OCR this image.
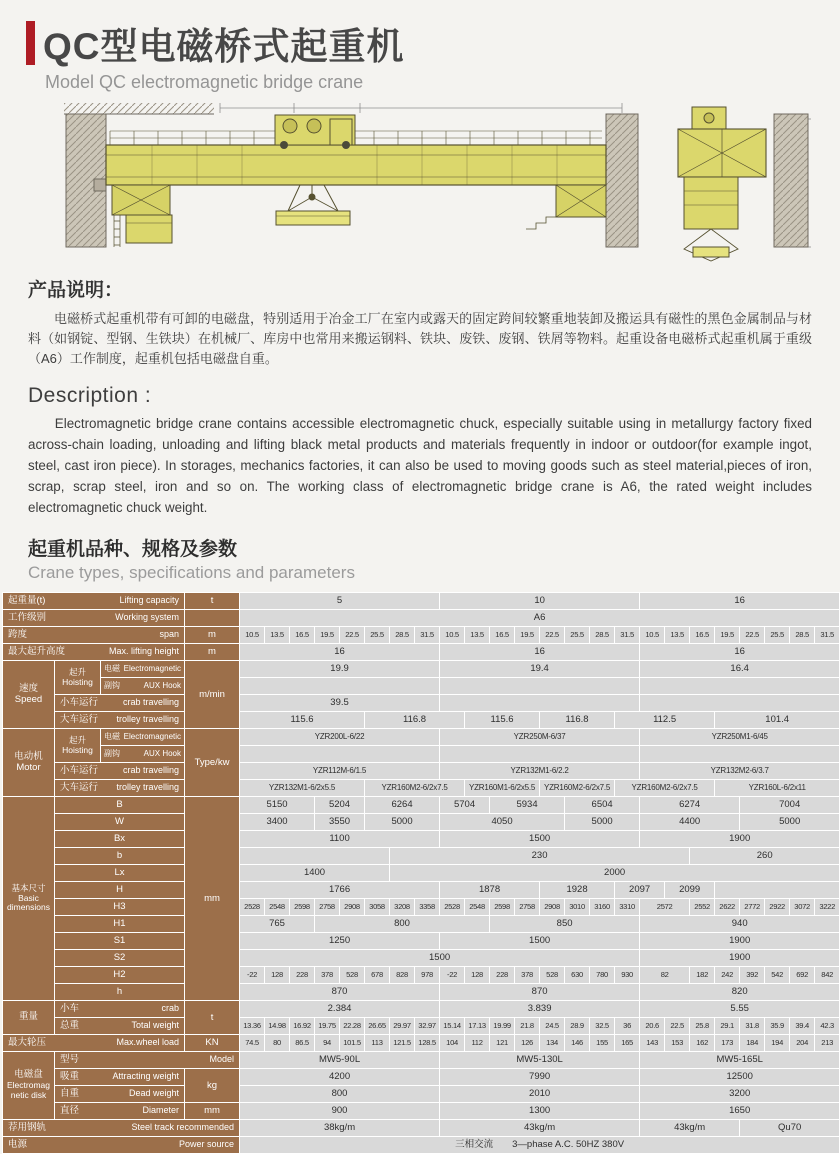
QC型电磁桥式起重机
Model QC electromagnetic bridge crane
产品说明：

电磁桥式起重机带有可卸的电磁盘，特别适用于冶金工厂在室内或露天的固定跨间较繁重地装卸及搬运具有磁性的黑色金属制品与材料（如钢锭、型钢、生铁块）在机械厂、库房中也常用来搬运钢料、铁块、废铁、废钢、铁屑等物料。起重设备电磁桥式起重机属于重级（A6）工作制度，起重机包括电磁盘自重。

Description :

Electromagnetic bridge crane contains accessible electromagnetic chuck, especially suitable using in metallurgy factory fixed across-chain loading, unloading and lifting black metal products and materials frequently in indoor or outdoor(for example ingot, steel, cast iron piece). In storages, mechanics factories, it can also be used to moving goods such as steel material,pieces of iron, scrap, scrap steel, iron and so on. The working class of electromagnetic bridge crane is A6, the rated weight includes electromagnetic chuck weight.

起重机品种、规格及参数
Crane types, specifications and parameters
起重量(t) Lifting capacity			t	5								10								16							

工作级别 Working system				A6																							

跨度 span			m	10.5	13.5	16.5	19.5	22.5	25.5	28.5	31.5	10.5	13.5	16.5	19.5	22.5	25.5	28.5	31.5	10.5	13.5	16.5	19.5	22.5	25.5	28.5	31.5

最大起升高度 Max. lifting height			m	16								16								16							

速度
Speed	起升
Hoisting	电磁 Electromagnetic	m/min	19.9								19.4								16.4							

		副钩 AUX Hook																									

	小车运行 crab travelling			39.5																							

	大车运行 trolley travelling			115.6					116.8				115.6			116.8			112.5				101.4				

电动机
Motor	起升
Hoisting	电磁 Electromagnetic	Type/kw	YZR200L-6/22								YZR250M-6/37								YZR250M1-6/45							

		副钩 AUX Hook																									

	小车运行 crab travelling			YZR112M-6/1.5								YZR132M1-6/2.2								YZR132M2-6/3.7							

	大车运行 trolley travelling			YZR132M1-6/2x5.5					YZR160M2-6/2x7.5				YZR160M1-6/2x5.5			YZR160M2-6/2x7.5			YZR160M2-6/2x7.5				YZR160L-6/2x11				

基本尺寸
Basic
dimensions	B		mm	5150			5204		6264			5704		5934			6504			6274				7004			
	W			3400			3550		5000			4050					5000			4400				5000			
	Bx			1100								1500								1900							
	b									230												260					
	Lx			1400						2000																	
	H			1766								1878				1928			2097		2099						
	H3			2528	2548	2598	2758	2908	3058	3208	3358	2528	2548	2598	2758	2908	3010	3160	3310	2572		2552	2622	2772	2922	3072	3222
	H1			765			800							850						940							
	S1			1250								1500								1900							
	S2			1500																1900							
	H2			-22	128	228	378	528	678	828	978	-22	128	228	378	528	630	780	930	82		182	242	392	542	692	842
	h			870								870								820							

重量	小车 crab		t	2.384								3.839								5.55							

	总重 Total weight			13.36	14.98	16.92	19.75	22.28	26.65	29.97	32.97	15.14	17.13	19.99	21.8	24.5	28.9	32.5	36	20.6	22.5	25.8	29.1	31.8	35.9	39.4	42.3

最大轮压 Max.wheel load			KN	74.5	80	86.5	94	101.5	113	121.5	128.5	104	112	121	126	134	146	155	165	143	153	162	173	184	194	204	213

电磁盘
Electromag netic disk	型号 Model			MW5-90L								MW5-130L								MW5-165L							

	吸重 Attracting weight		kg	4200								7990								12500							

	自重 Dead weight			800								2010								3200							

	直径 Diameter		mm	900								1300								1650							

荐用钢轨 Steel track recommended				38kg/m								43kg/m								43kg/m				Qu70			

电源 Power source				三相交流　　3—phase A.C. 50HZ 380V																							
